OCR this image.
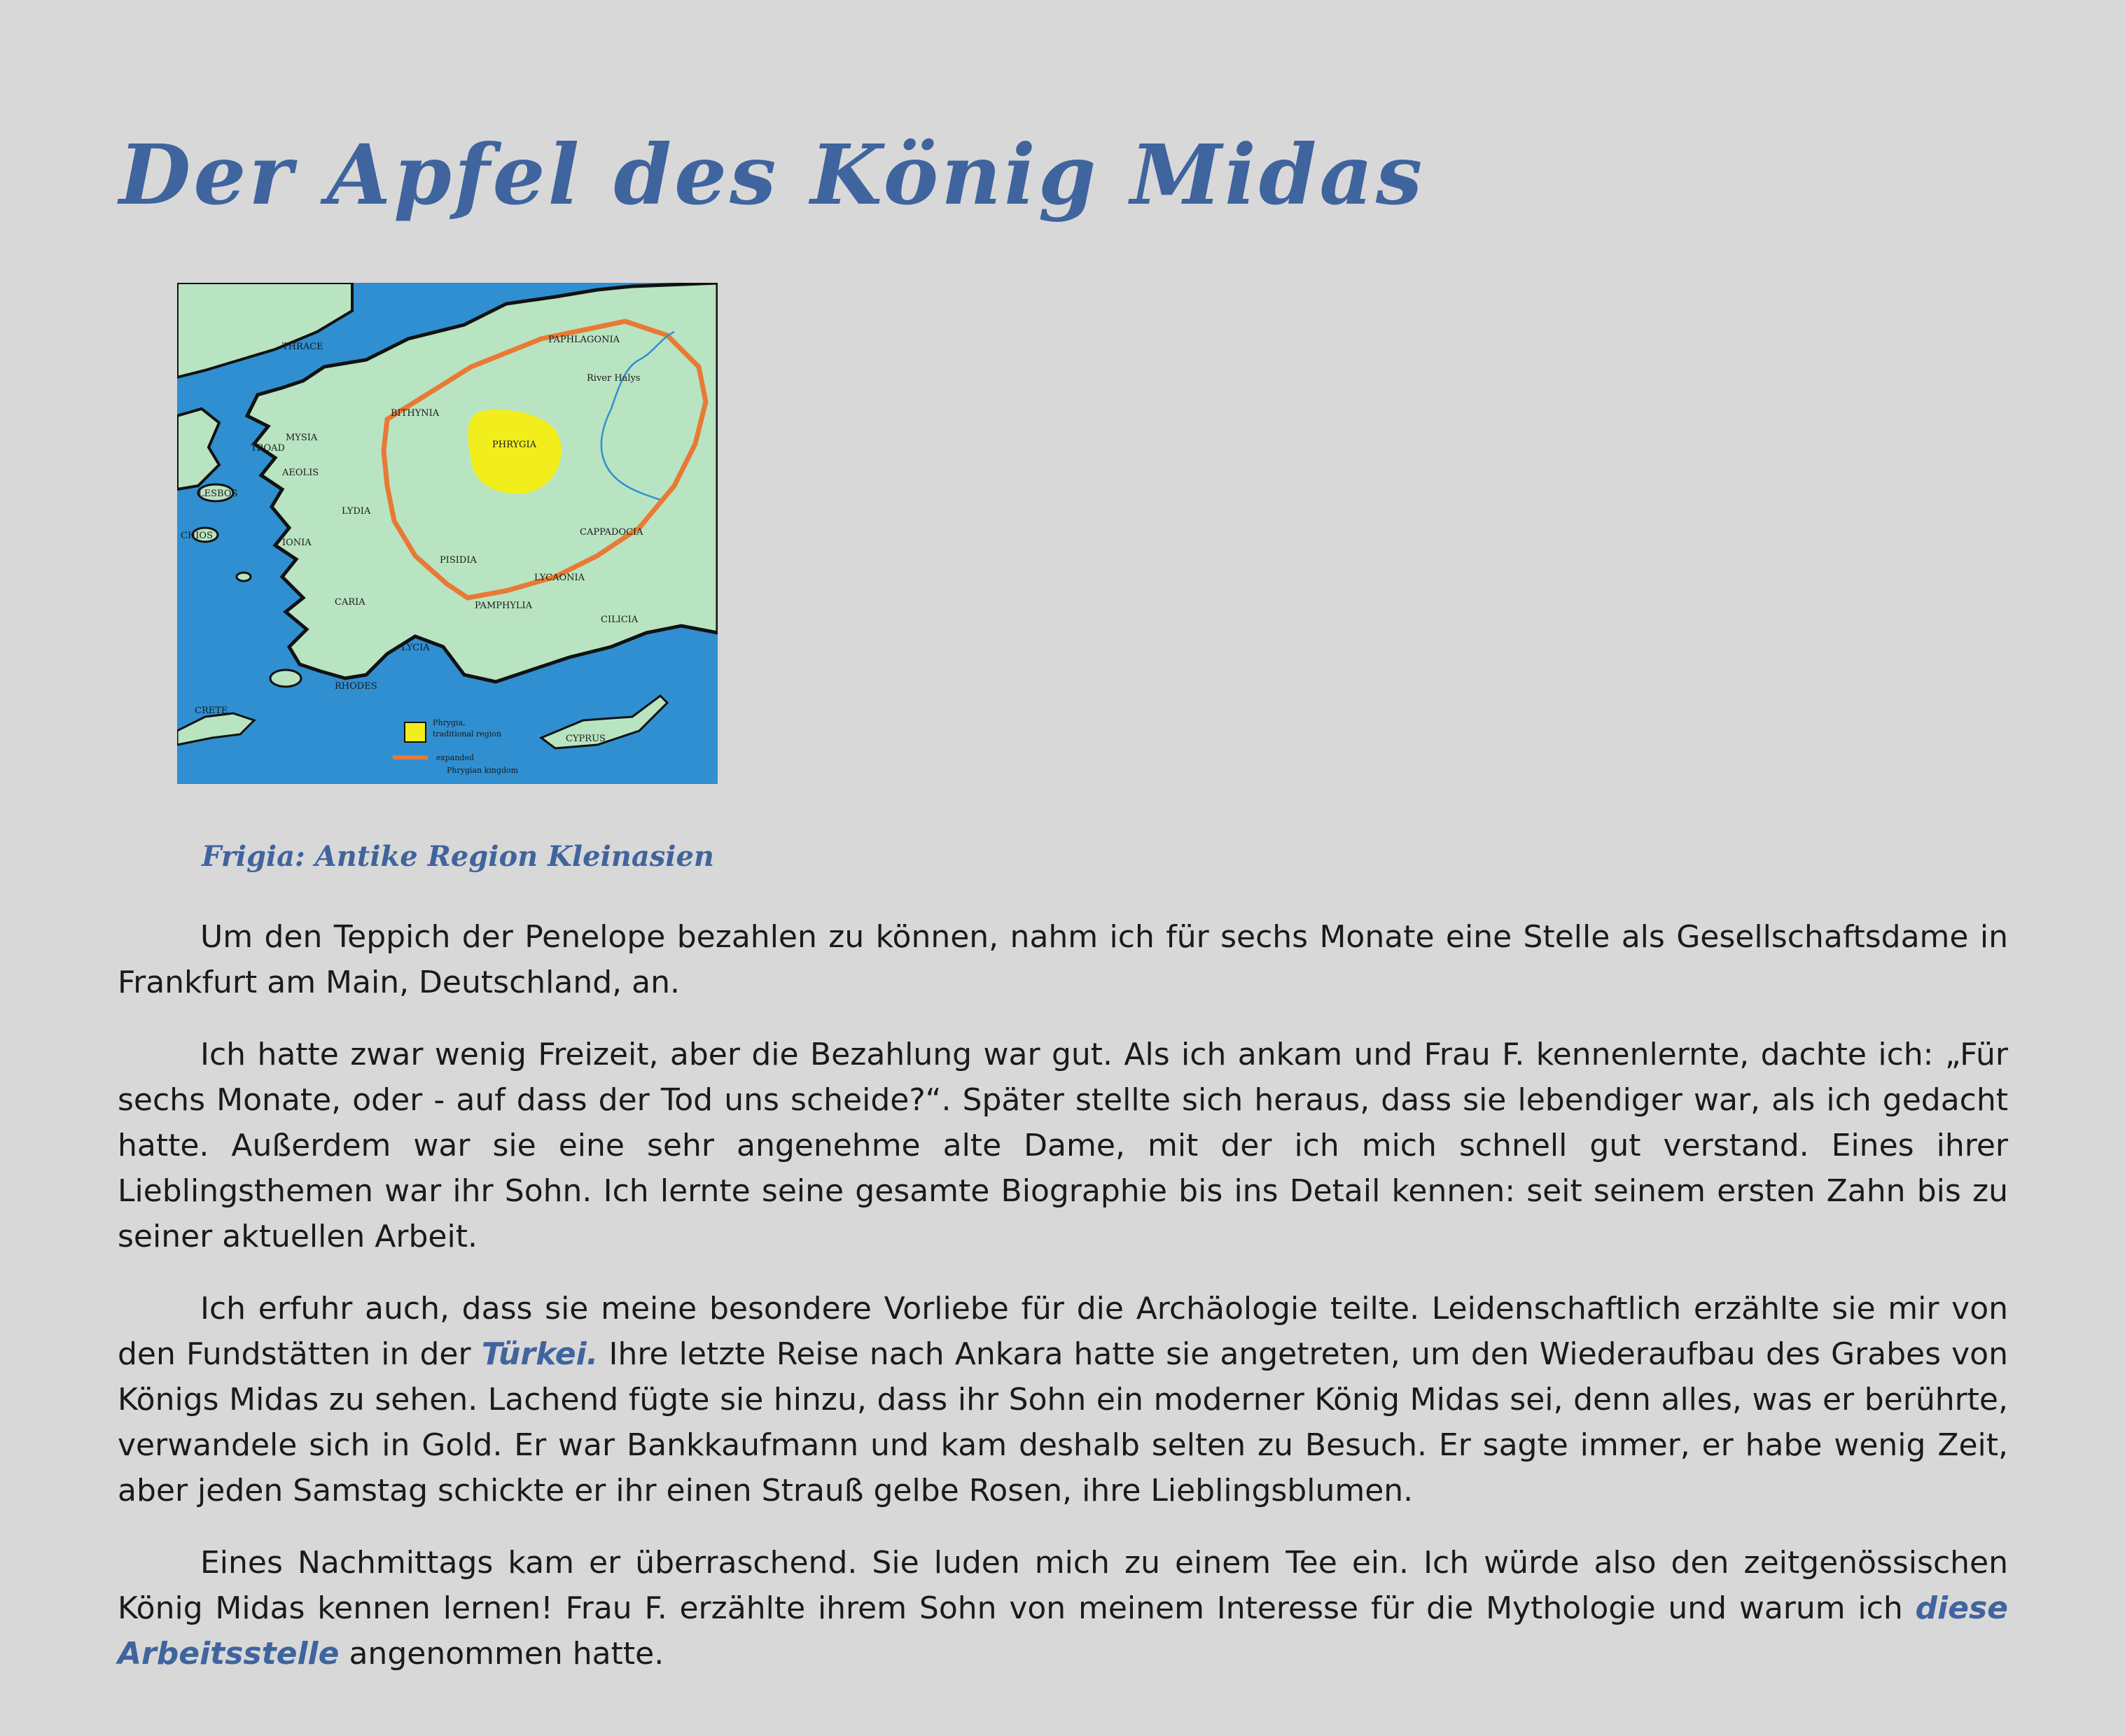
Der Apfel des König Midas
THRACE
PAPHLAGONIA
River Halys
BITHYNIA
MYSIA
TROAD	PHRYGIA
AEOLIS
LESBOS
LYDIA
CHIOS
IONIA
CAPPADOCIA
PISIDIA
LYCAONIA
CARIA	PAMPHYLIA
CILICIA
LYCIA
RHODES
CRETE
CYPRUS
Phrygia,
traditional region
expanded
Phrygian kingdom
Frigia: Antike Region Kleinasien

Um den Teppich der Penelope bezahlen zu können, nahm ich für sechs Monate eine Stelle als Gesellschaftsdame in Frankfurt am Main, Deutschland, an.

Ich hatte zwar wenig Freizeit, aber die Bezahlung war gut. Als ich ankam und Frau F. kennenlernte, dachte ich: „Für sechs Monate, oder - auf dass der Tod uns scheide?“. Später stellte sich heraus, dass sie lebendiger war, als ich gedacht hatte. Außerdem war sie eine sehr angenehme alte Dame, mit der ich mich schnell gut verstand. Eines ihrer Lieblingsthemen war ihr Sohn. Ich lernte seine gesamte Biographie bis ins Detail kennen: seit seinem ersten Zahn bis zu seiner aktuellen Arbeit.

Ich erfuhr auch, dass sie meine besondere Vorliebe für die Archäologie teilte. Leidenschaftlich erzählte sie mir von den Fundstätten in der Türkei. Ihre letzte Reise nach Ankara hatte sie angetreten, um den Wiederaufbau des Grabes von Königs Midas zu sehen. Lachend fügte sie hinzu, dass ihr Sohn ein moderner König Midas sei, denn alles, was er berührte, verwandele sich in Gold. Er war Bankkaufmann und kam deshalb selten zu Besuch. Er sagte immer, er habe wenig Zeit, aber jeden Samstag schickte er ihr einen Strauß gelbe Rosen, ihre Lieblingsblumen.

Eines Nachmittags kam er überraschend. Sie luden mich zu einem Tee ein. Ich würde also den zeitgenössischen König Midas kennen lernen! Frau F. erzählte ihrem Sohn von meinem Interesse für die Mythologie und warum ich diese Arbeitsstelle angenommen hatte.
